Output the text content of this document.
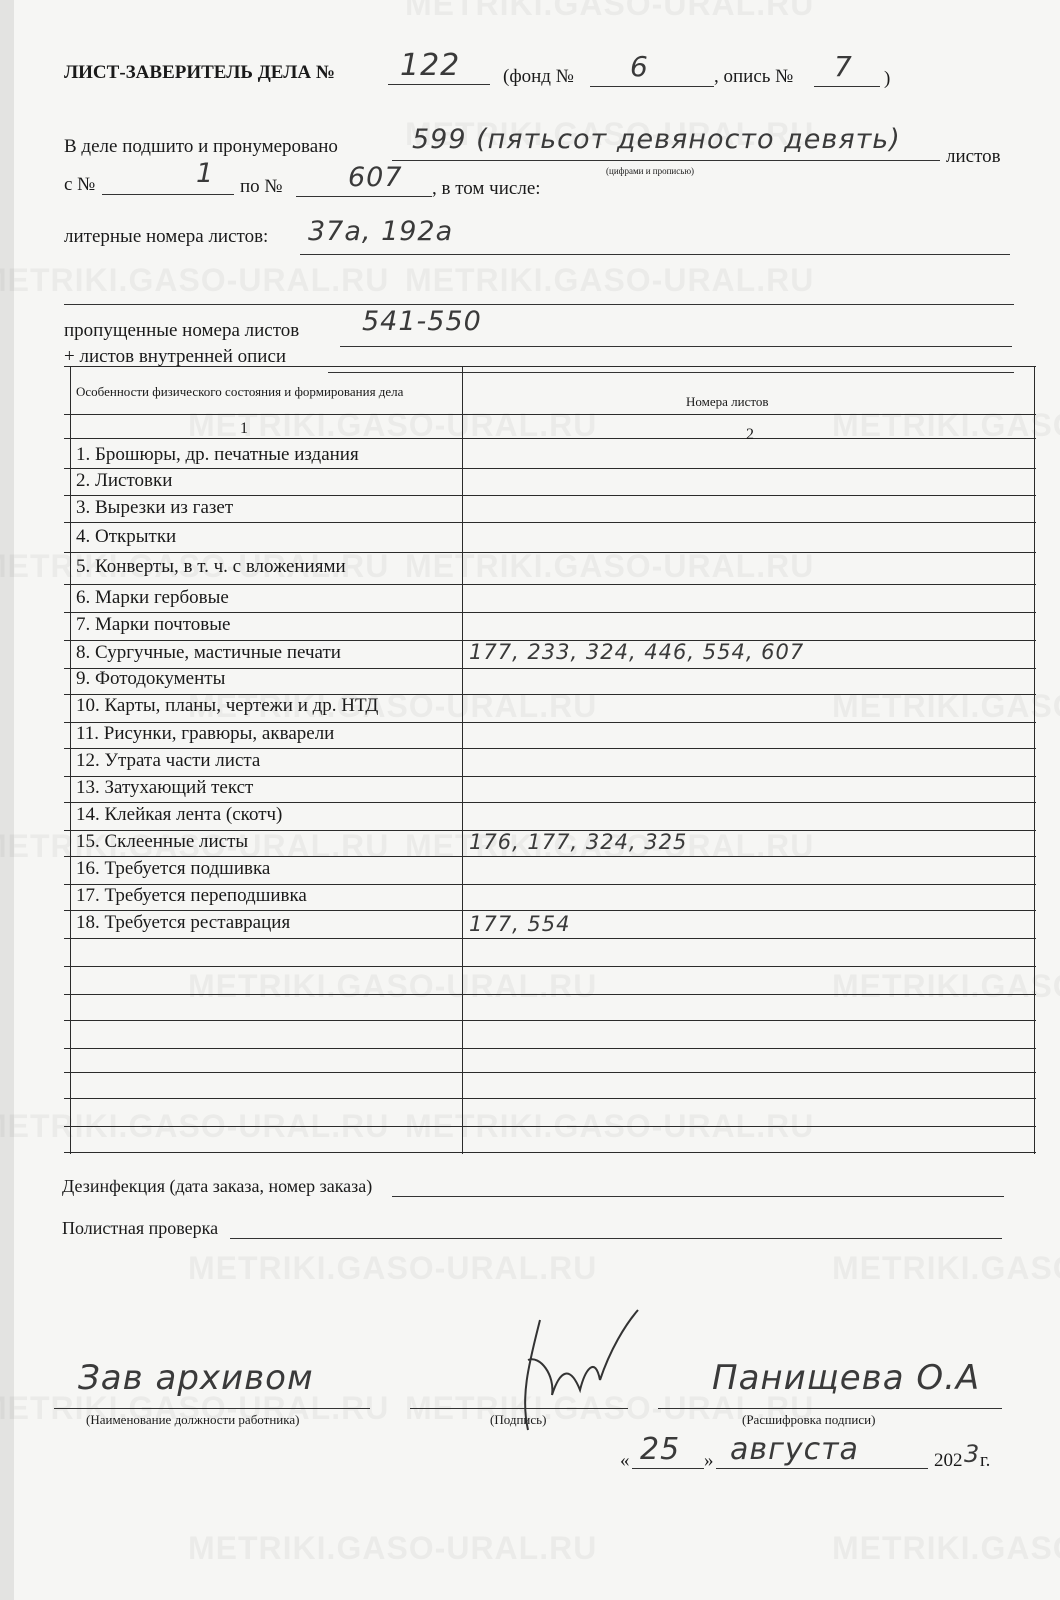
ЛИСТ-ЗАВЕРИТЕЛЬ ДЕЛА № 122 (фонд № 6	, опись № 7 )
В деле подшито и пронумеровано	599 (пятьсот девяносто девять)
(цифрами и прописью)
листов
с №	1 по № 607 , в том числе:
литерные номера листов: 37а, 192а
пропущенные номера листов 541-550
+ листов внутренней описи
Особенности физического состояния и формирования дела
Номера листов
1	2
1. Брошюры, др. печатные издания
2. Листовки
3. Вырезки из газет
4. Открытки
5. Конверты, в т. ч. с вложениями
6. Марки гербовые
7. Марки почтовые
8. Сургучные, мастичные печати	177, 233, 324, 446, 554, 607
9. Фотодокументы
10. Карты, планы, чертежи и др. НТД
11. Рисунки, гравюры, акварели
12. Утрата части листа
13. Затухающий текст
14. Клейкая лента (скотч)
15. Склеенные листы	176, 177, 324, 325
16. Требуется подшивка
17. Требуется переподшивка
18. Требуется реставрация	177, 554
Дезинфекция (дата заказа, номер заказа)
Полистная проверка
Зав архивом
(Наименование должности работника)	(Подпись)
Панищева О.А
(Расшифровка подписи)
« 25 » августа	202 3 г.
